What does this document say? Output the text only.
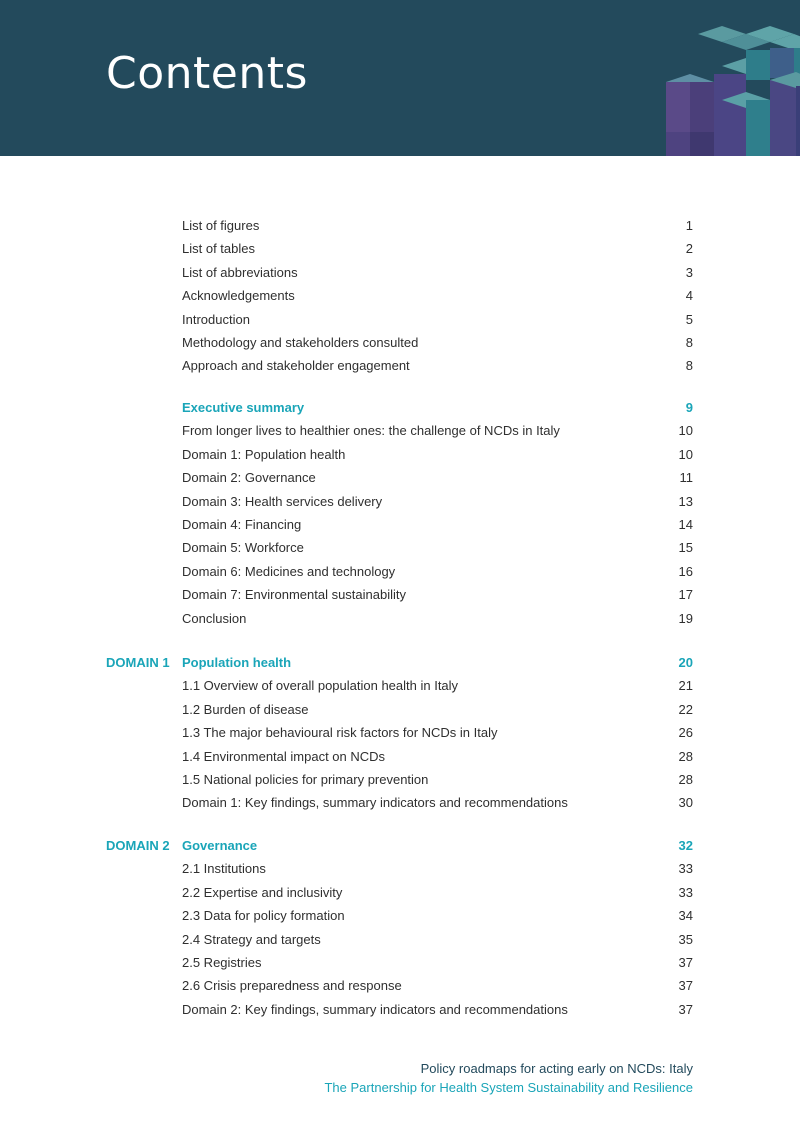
Contents
List of figures	1
List of tables	2
List of abbreviations	3
Acknowledgements	4
Introduction	5
Methodology and stakeholders consulted	8
Approach and stakeholder engagement	8
Executive summary	9
From longer lives to healthier ones: the challenge of NCDs in Italy	10
Domain 1: Population health	10
Domain 2: Governance	11
Domain 3: Health services delivery	13
Domain 4: Financing	14
Domain 5: Workforce	15
Domain 6: Medicines and technology	16
Domain 7: Environmental sustainability	17
Conclusion	19
DOMAIN 1 Population health	20
1.1 Overview of overall population health in Italy	21
1.2 Burden of disease	22
1.3 The major behavioural risk factors for NCDs in Italy	26
1.4 Environmental impact on NCDs	28
1.5 National policies for primary prevention	28
Domain 1: Key findings, summary indicators and recommendations	30
DOMAIN 2 Governance	32
2.1 Institutions	33
2.2 Expertise and inclusivity	33
2.3 Data for policy formation	34
2.4 Strategy and targets	35
2.5 Registries	37
2.6 Crisis preparedness and response	37
Domain 2: Key findings, summary indicators and recommendations	37
Policy roadmaps for acting early on NCDs: Italy
The Partnership for Health System Sustainability and Resilience
